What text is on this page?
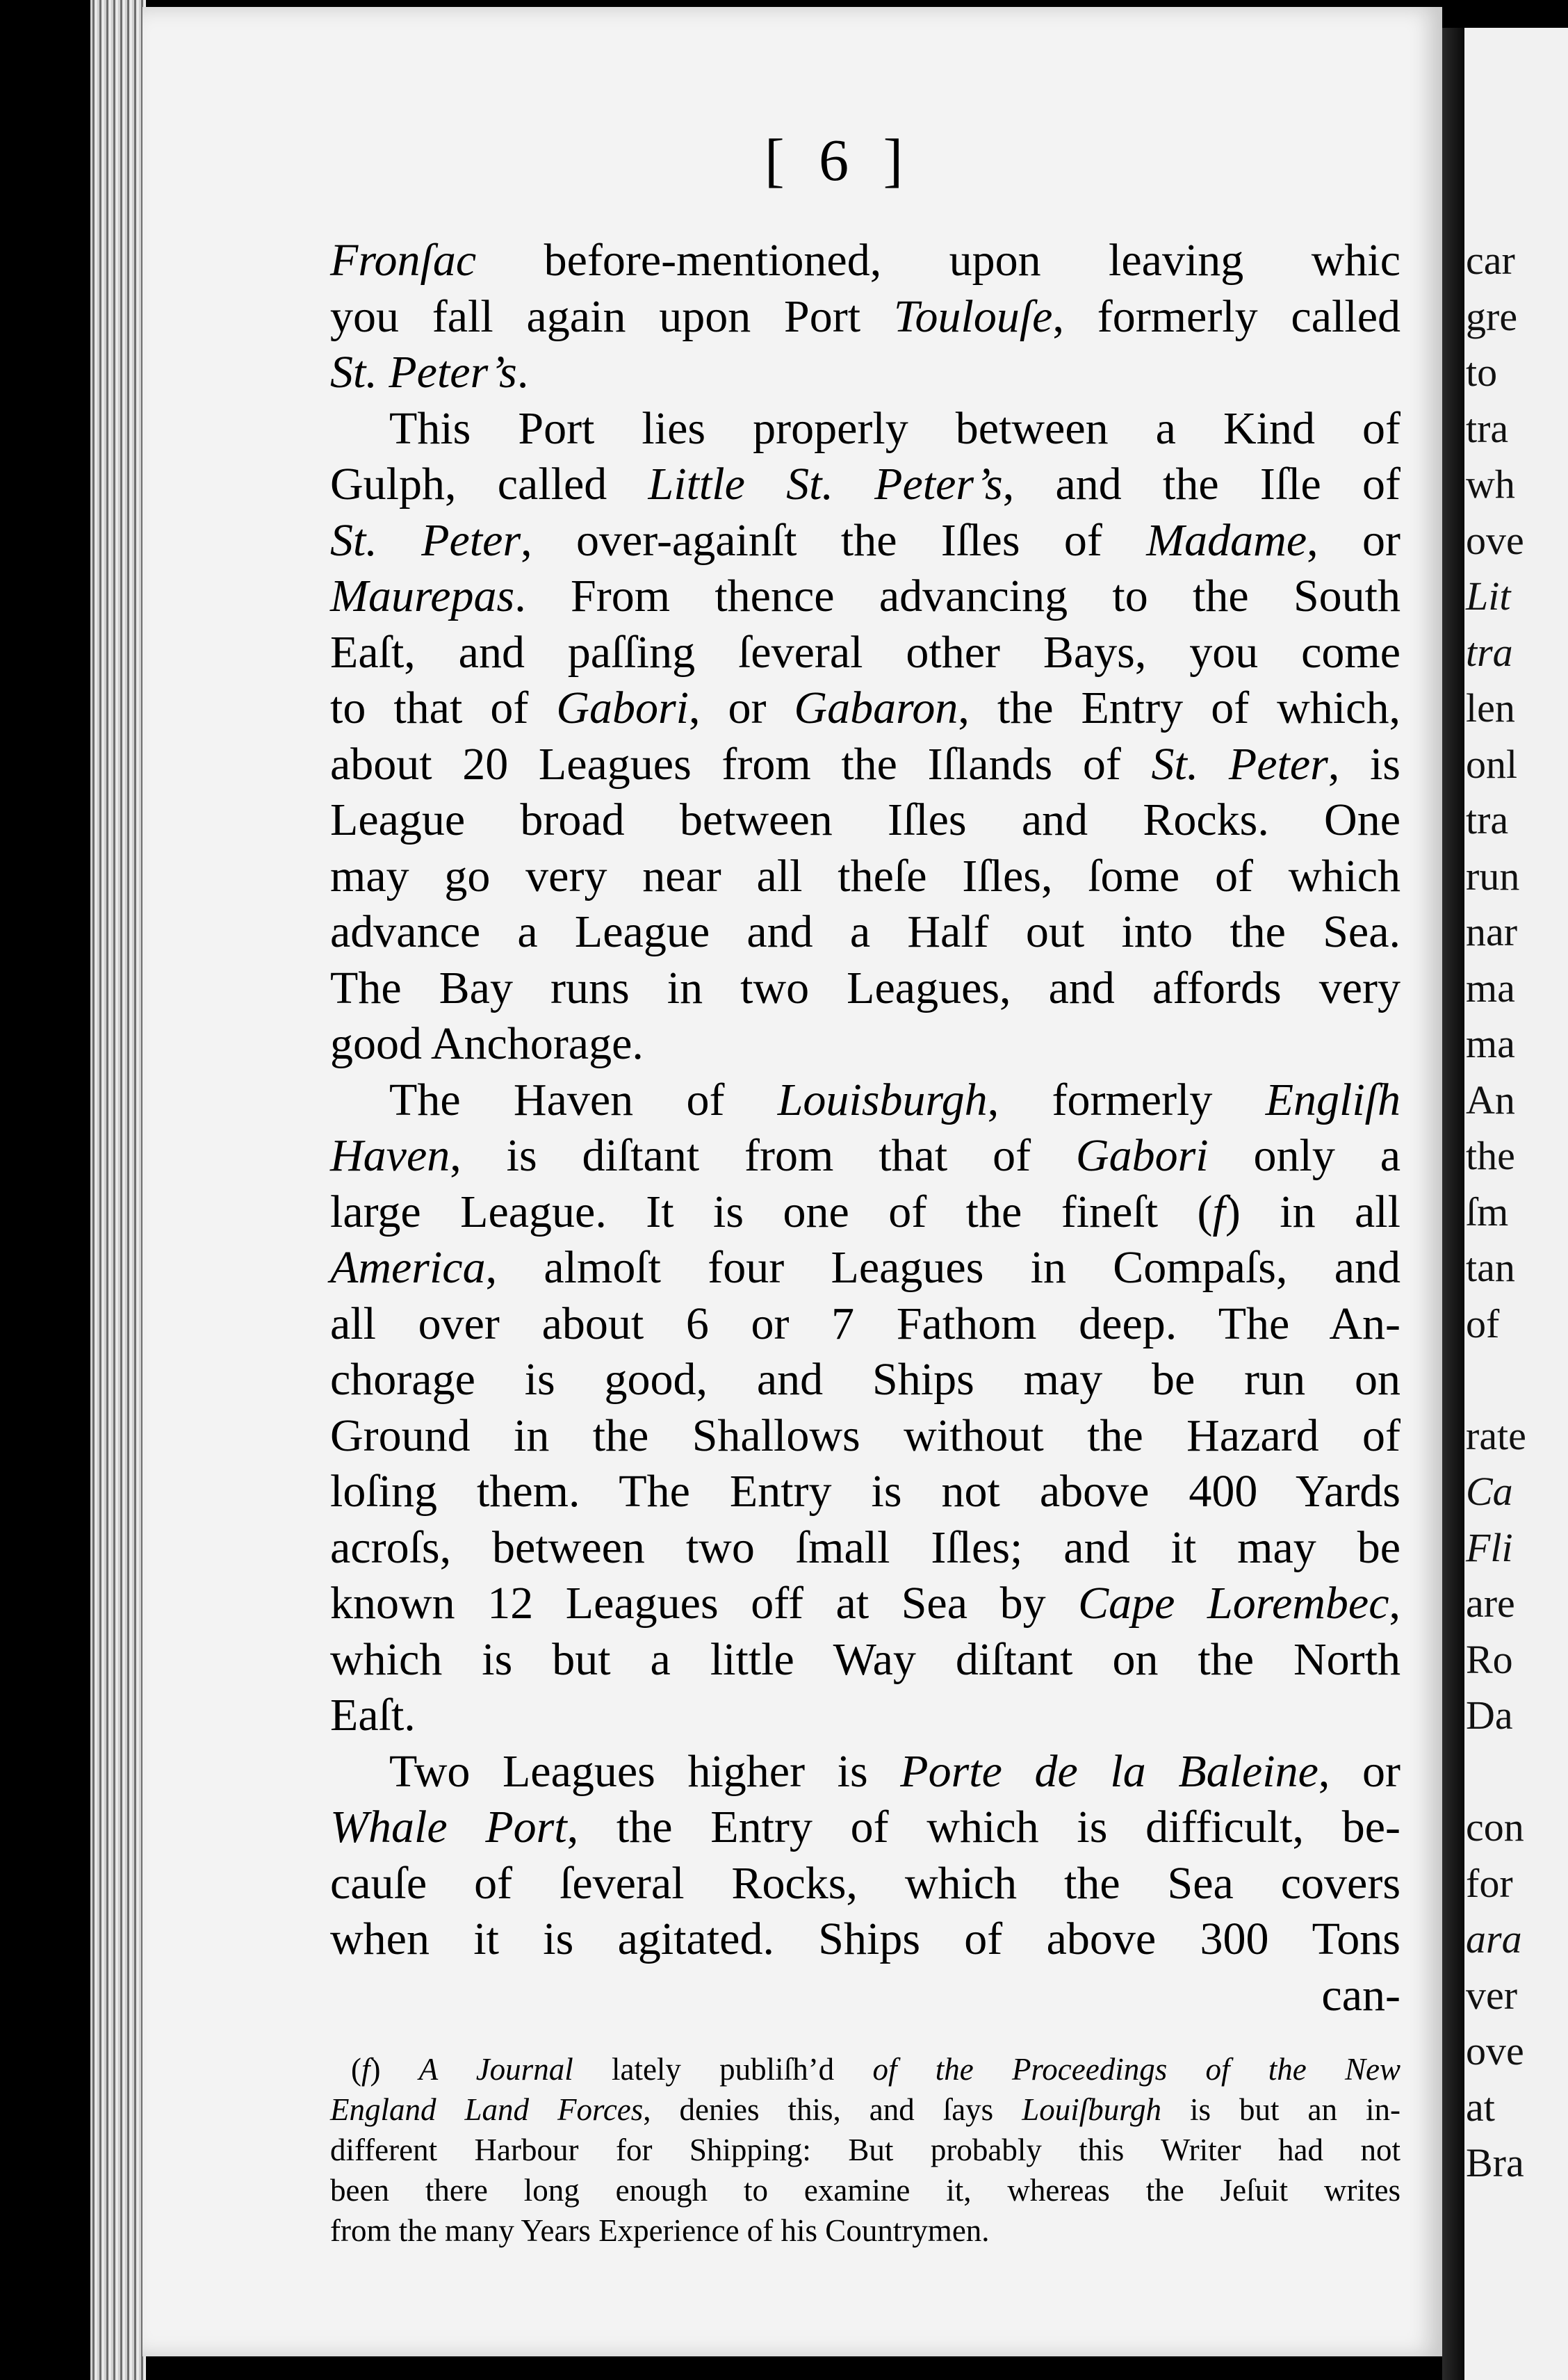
[ 6 ]
Fronſac before-mentioned, upon leaving whic
you fall again upon Port Toulouſe, formerly called
St. Peter’s.
This Port lies properly between a Kind of
Gulph, called Little St. Peter’s, and the Iſle of
St. Peter, over-againſt the Iſles of Madame, or
Maurepas. From thence advancing to the South
Eaſt, and paſſing ſeveral other Bays, you come
to that of Gabori, or Gabaron, the Entry of which,
about 20 Leagues from the Iſlands of St. Peter, is
League broad between Iſles and Rocks. One
may go very near all theſe Iſles, ſome of which
advance a League and a Half out into the Sea.
The Bay runs in two Leagues, and affords very
good Anchorage.
The Haven of Louisburgh, formerly Engliſh
Haven, is diſtant from that of Gabori only a
large League. It is one of the fineſt (f) in all
America, almoſt four Leagues in Compaſs, and
all over about 6 or 7 Fathom deep. The An-
chorage is good, and Ships may be run on
Ground in the Shallows without the Hazard of
loſing them. The Entry is not above 400 Yards
acroſs, between two ſmall Iſles; and it may be
known 12 Leagues off at Sea by Cape Lorembec,
which is but a little Way diſtant on the North
Eaſt.
Two Leagues higher is Porte de la Baleine, or
Whale Port, the Entry of which is difficult, be-
cauſe of ſeveral Rocks, which the Sea covers
when it is agitated. Ships of above 300 Tons
can-
(f) A Journal lately publiſh’d of the Proceedings of the New
England Land Forces, denies this, and ſays Louiſburgh is but an in-
different Harbour for Shipping: But probably this Writer had not
been there long enough to examine it, whereas the Jeſuit writes
from the many Years Experience of his Countrymen.
car
gre
to
tra
wh
ove
Lit
tra
len
onl
tra
run
nar
ma
ma
An
the
ſm
tan
of
rate
Ca
Fli
are
Ro
Da
con
for
ara
ver
ove
at
Bra
